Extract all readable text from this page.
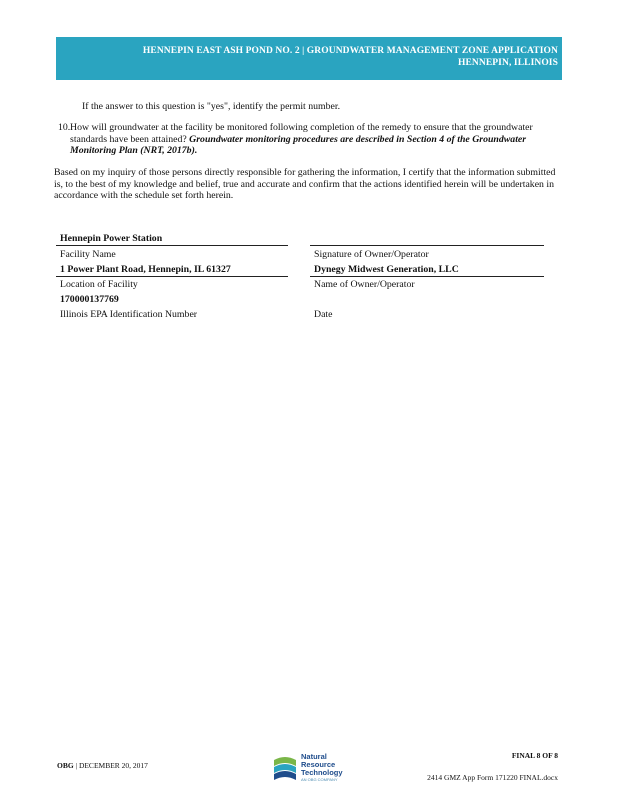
HENNEPIN EAST ASH POND NO. 2 | GROUNDWATER MANAGEMENT ZONE APPLICATION
HENNEPIN, ILLINOIS
If the answer to this question is "yes", identify the permit number.
10. How will groundwater at the facility be monitored following completion of the remedy to ensure that the groundwater standards have been attained? Groundwater monitoring procedures are described in Section 4 of the Groundwater Monitoring Plan (NRT, 2017b).
Based on my inquiry of those persons directly responsible for gathering the information, I certify that the information submitted is, to the best of my knowledge and belief, true and accurate and confirm that the actions identified herein will be undertaken in accordance with the schedule set forth herein.
Hennepin Power Station
Facility Name	Signature of Owner/Operator
1 Power Plant Road, Hennepin, IL 61327	Dynegy Midwest Generation, LLC
Location of Facility	Name of Owner/Operator
170000137769
Illinois EPA Identification Number	Date
OBG | DECEMBER 20, 2017
Natural
Resource
Technology
AN OBG COMPANY
FINAL 8 OF 8
2414 GMZ App Form 171220 FINAL.docx
